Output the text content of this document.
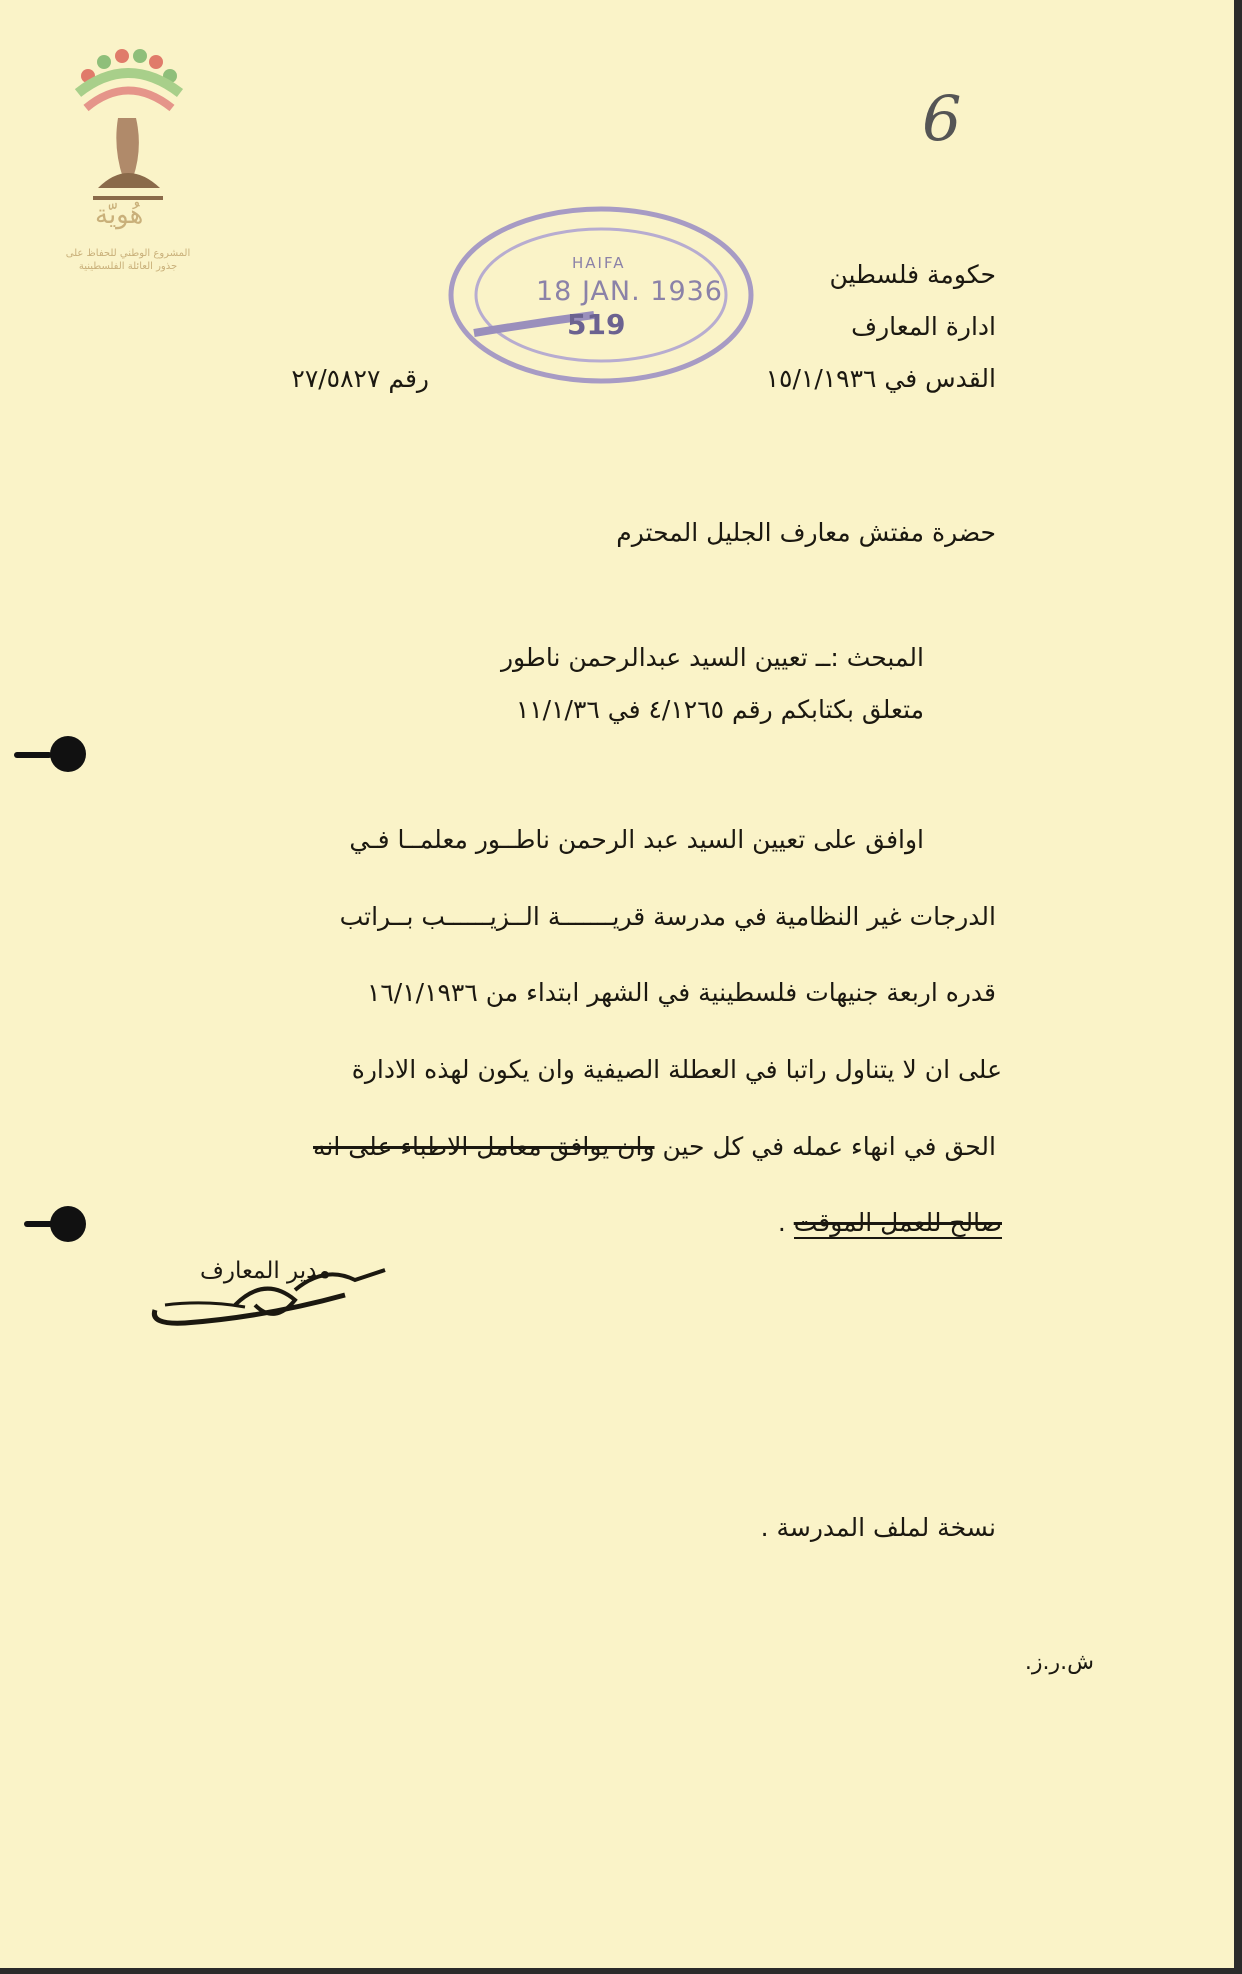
هُويّة
المشروع الوطني للحفاظ على جذور العائلة الفلسطينية
6
HAIFA
18 JAN. 1936
519
حكومة فلسطين
ادارة المعارف
القدس في ١٥/١/١٩٣٦
رقم ٢٧/٥٨٢٧
حضرة مفتش معارف الجليل المحترم
المبحث :ــ تعيين السيد عبدالرحمن ناطور
متعلق بكتابكم رقم ٤/١٢٦٥ في ١١/١/٣٦
اوافق على تعيين السيد عبد الرحمن ناطــور معلمــا فـي
الدرجات غير النظامية في مدرسة قريـــــــة الــزيــــــب بــراتب
قدره اربعة جنيهات فلسطينية في الشهر ابتداء من ١٦/١/١٩٣٦
على ان لا يتناول راتبا في العطلة الصيفية وان يكون لهذه الادارة
الحق في انهاء عمله في كل حين وان يوافق معامل الاطباء على انه
صالح للعمل الموقت .
مدير المعارف
نسخة لملف المدرسة .
ش.ر.ز.
